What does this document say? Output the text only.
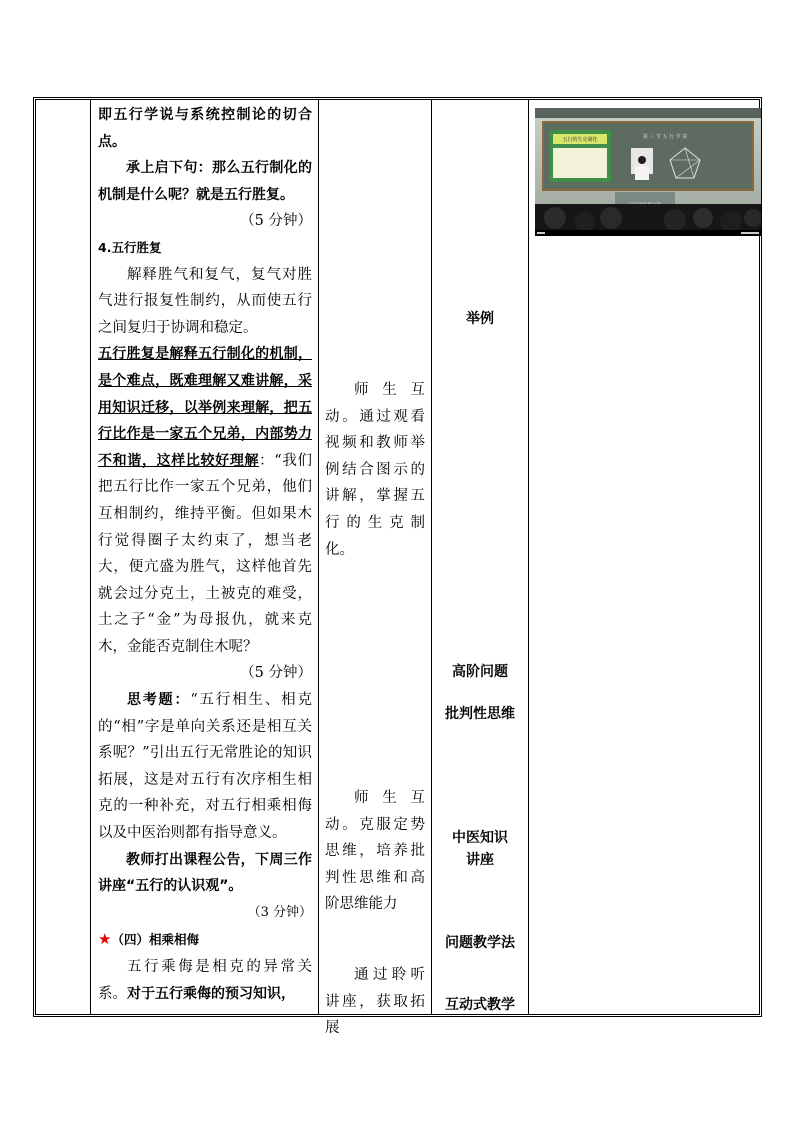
即五行学说与系统控制论的切合点。

承上启下句：那么五行制化的机制是什么呢？就是五行胜复。

（5 分钟）

4.五行胜复

解释胜气和复气，复气对胜气进行报复性制约，从而使五行之间复归于协调和稳定。

五行胜复是解释五行制化的机制，是个难点，既难理解又难讲解，采用知识迁移，以举例来理解，把五行比作是一家五个兄弟，内部势力不和谐，这样比较好理解：“我们把五行比作一家五个兄弟，他们互相制约，维持平衡。但如果木行觉得圈子太约束了，想当老大，便亢盛为胜气，这样他首先就会过分克土，土被克的难受，土之子“金”为母报仇，就来克木，金能否克制住木呢？

（5 分钟）

思考题：“五行相生、相克的“相”字是单向关系还是相互关系呢？”引出五行无常胜论的知识拓展，这是对五行有次序相生相克的一种补充，对五行相乘相侮以及中医治则都有指导意义。

教师打出课程公告，下周三作讲座“五行的认识观”。

（3 分钟）

★（四）相乘相侮

五行乘侮是相克的异常关系。对于五行乘侮的预习知识，

师生互动。通过观看视频和教师举例结合图示的讲解，掌握五行的生克制化。

师生互动。克服定势思维，培养批判性思维和高阶思维能力

通过聆听讲座，获取拓展

举例
高阶问题
批判性思维
中医知识
讲座
问题教学法
互动式教学
五行的生克制化	第 三 节 五 行 学 说
